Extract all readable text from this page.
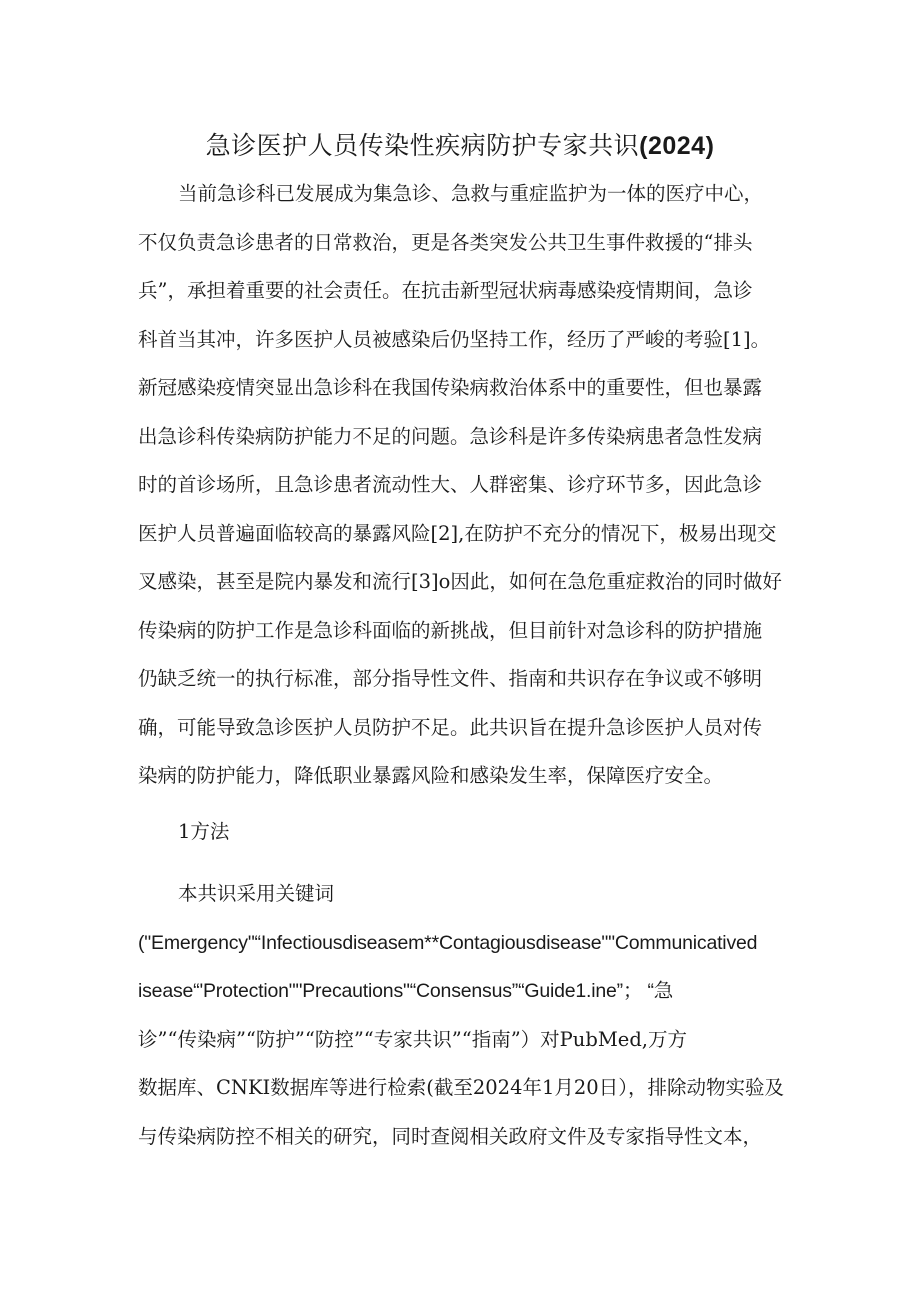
急诊医护人员传染性疾病防护专家共识(2024)
当前急诊科已发展成为集急诊、急救与重症监护为一体的医疗中心，
不仅负责急诊患者的日常救治，更是各类突发公共卫生事件救援的“排头
兵”，承担着重要的社会责任。在抗击新型冠状病毒感染疫情期间，急诊
科首当其冲，许多医护人员被感染后仍坚持工作，经历了严峻的考验[1]。
新冠感染疫情突显出急诊科在我国传染病救治体系中的重要性，但也暴露
出急诊科传染病防护能力不足的问题。急诊科是许多传染病患者急性发病
时的首诊场所，且急诊患者流动性大、人群密集、诊疗环节多，因此急诊
医护人员普遍面临较高的暴露风险[2],在防护不充分的情况下，极易出现交
叉感染，甚至是院内暴发和流行[3]o因此，如何在急危重症救治的同时做好
传染病的防护工作是急诊科面临的新挑战，但目前针对急诊科的防护措施
仍缺乏统一的执行标准，部分指导性文件、指南和共识存在争议或不够明
确，可能导致急诊医护人员防护不足。此共识旨在提升急诊医护人员对传
染病的防护能力，降低职业暴露风险和感染发生率，保障医疗安全。
1方法
本共识采用关键词
("Emergency"“Infectiousdiseasem**Contagiousdisease""Communicatived
isease“'Protection""Precautions"“Consensus”“Guide1.ine”； “急
诊”“传染病”“防护”“防控”“专家共识”“指南”）对PubMed,万方
数据库、CNKI数据库等进行检索(截至2024年1月20日），排除动物实验及
与传染病防控不相关的研究，同时查阅相关政府文件及专家指导性文本，
